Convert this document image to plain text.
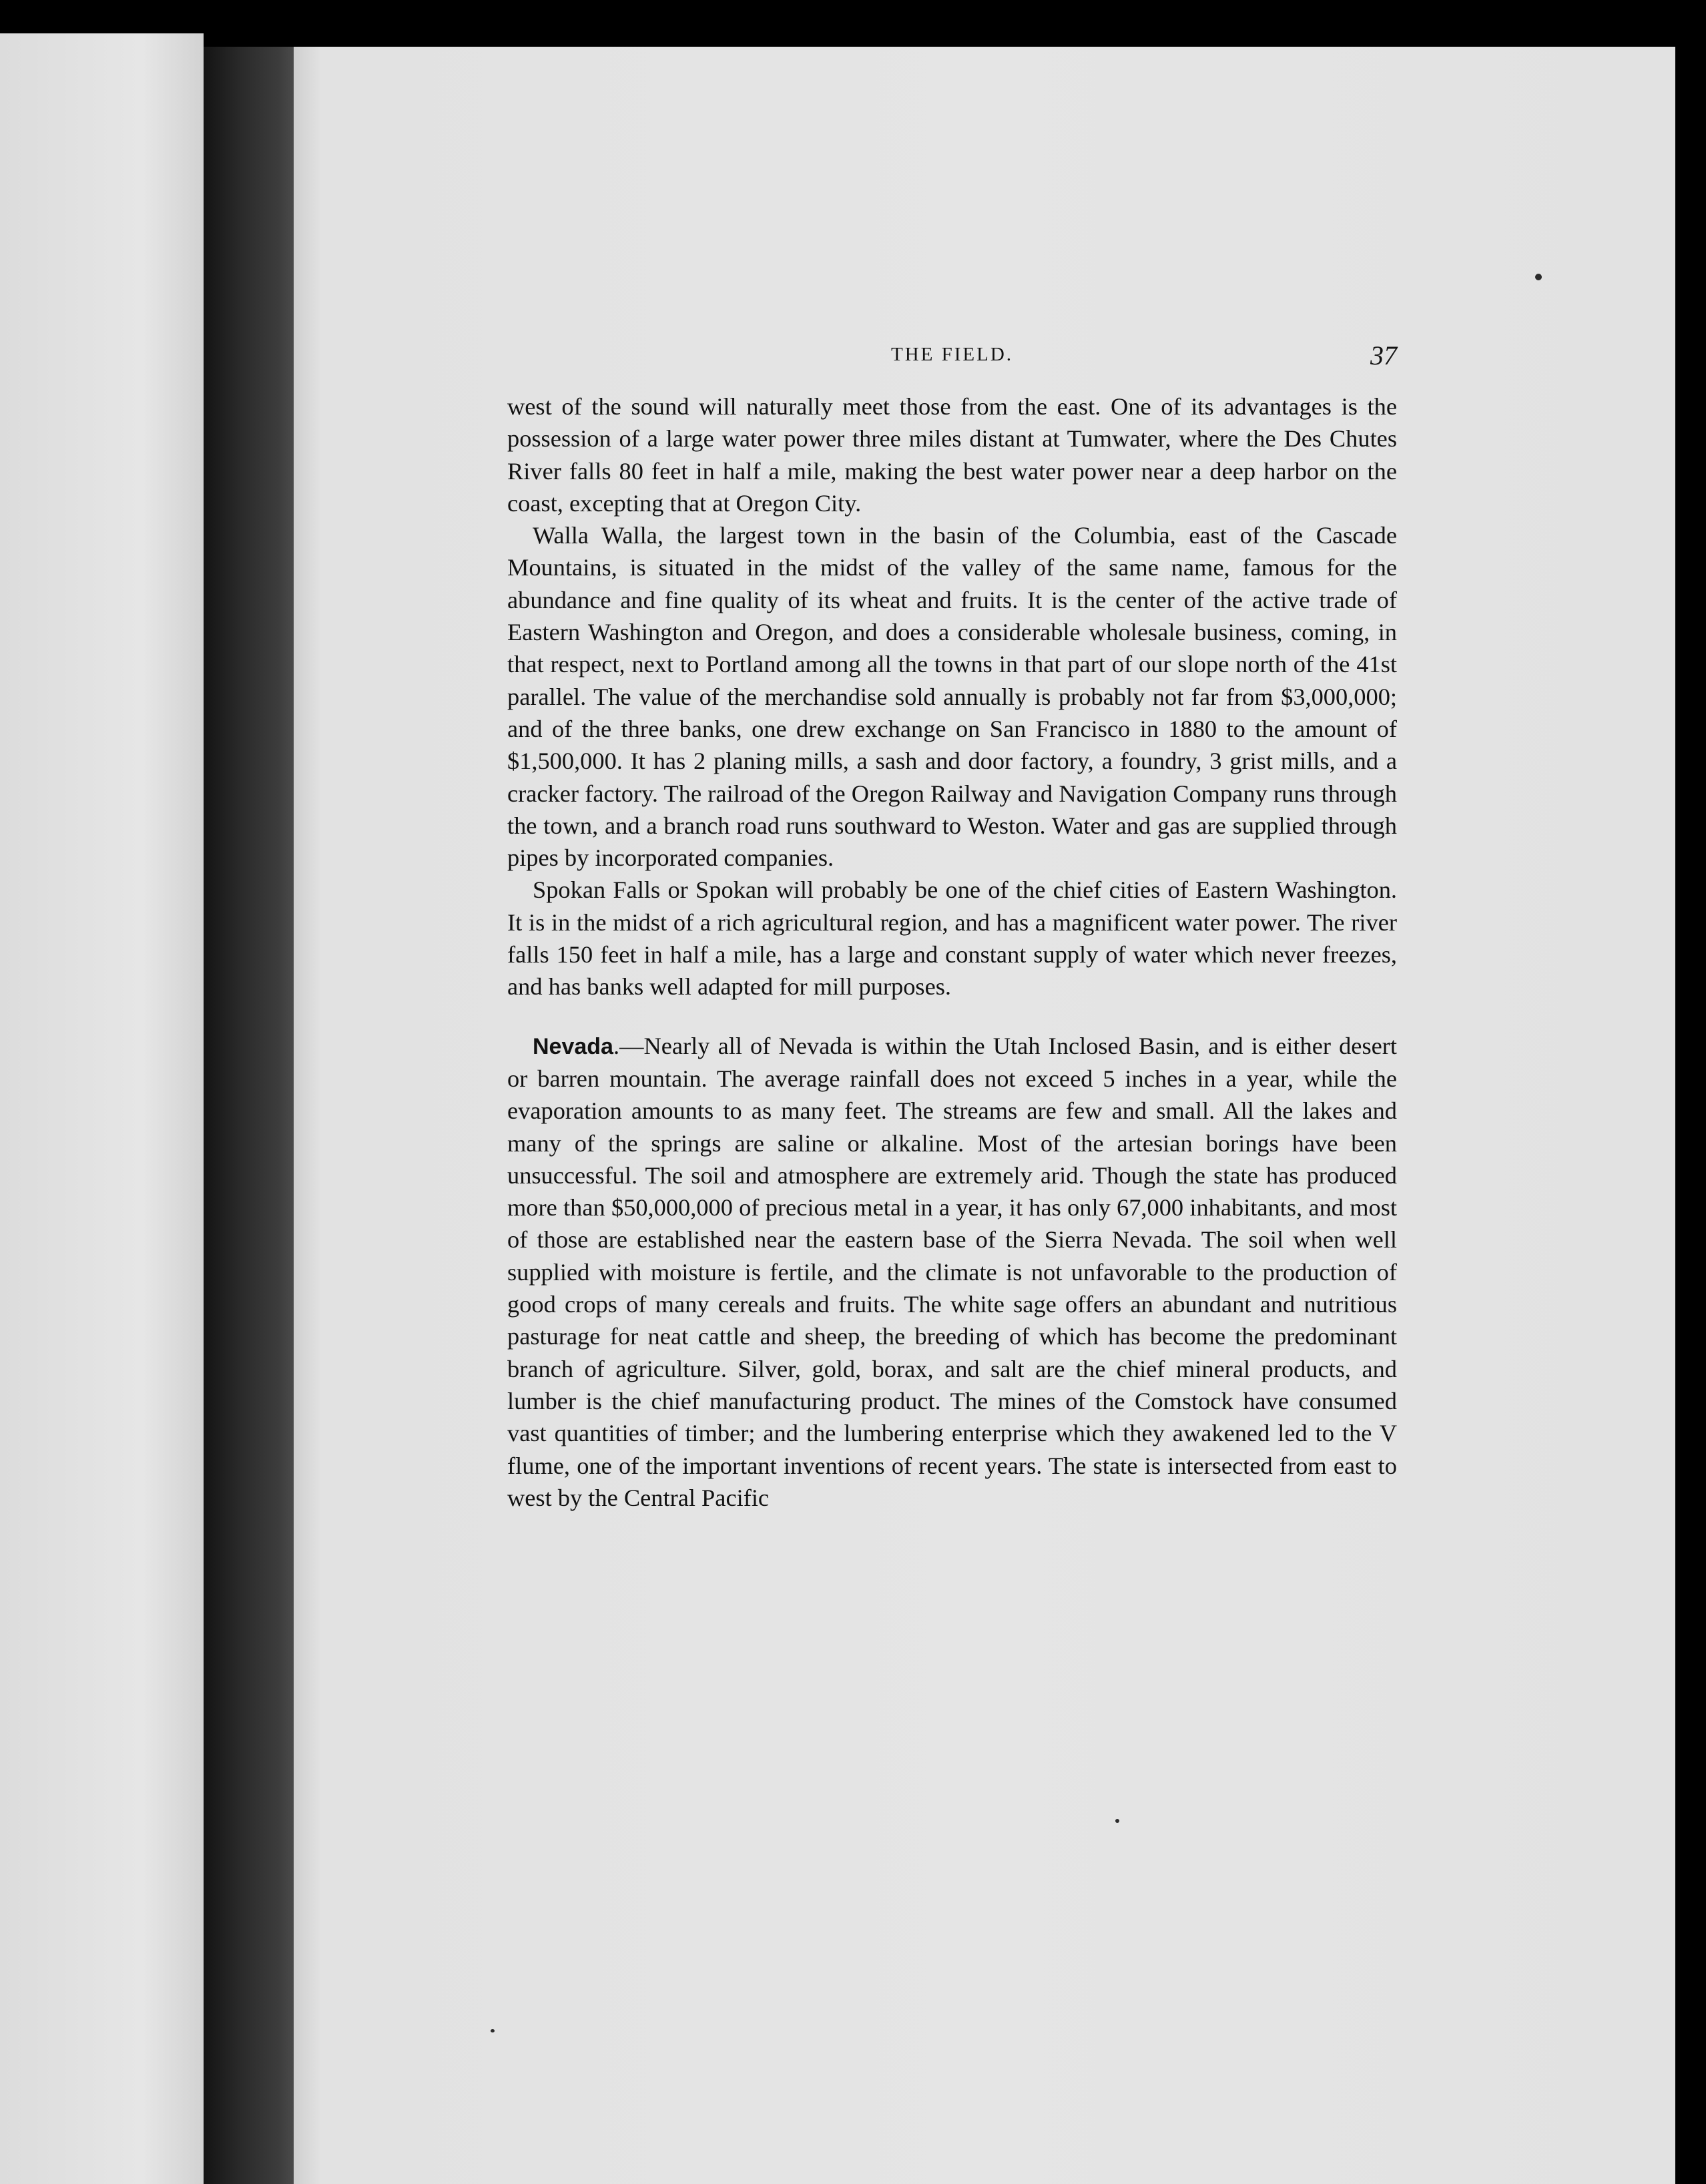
THE FIELD.	37

west of the sound will naturally meet those from the east. One of its advantages is the possession of a large water power three miles distant at Tumwater, where the Des Chutes River falls 80 feet in half a mile, making the best water power near a deep harbor on the coast, excepting that at Oregon City.

Walla Walla, the largest town in the basin of the Columbia, east of the Cascade Mountains, is situated in the midst of the valley of the same name, famous for the abundance and fine quality of its wheat and fruits. It is the center of the active trade of Eastern Washington and Oregon, and does a considerable wholesale business, coming, in that respect, next to Portland among all the towns in that part of our slope north of the 41st parallel. The value of the merchandise sold annually is probably not far from $3,000,000; and of the three banks, one drew exchange on San Francisco in 1880 to the amount of $1,500,000. It has 2 planing mills, a sash and door factory, a foundry, 3 grist mills, and a cracker factory. The railroad of the Oregon Railway and Navigation Company runs through the town, and a branch road runs southward to Weston. Water and gas are supplied through pipes by incorporated companies.

Spokan Falls or Spokan will probably be one of the chief cities of Eastern Washington. It is in the midst of a rich agricultural region, and has a magnificent water power. The river falls 150 feet in half a mile, has a large and constant supply of water which never freezes, and has banks well adapted for mill purposes.

Nevada.—Nearly all of Nevada is within the Utah Inclosed Basin, and is either desert or barren mountain. The average rainfall does not exceed 5 inches in a year, while the evaporation amounts to as many feet. The streams are few and small. All the lakes and many of the springs are saline or alkaline. Most of the artesian borings have been unsuccessful. The soil and atmosphere are extremely arid. Though the state has produced more than $50,000,000 of precious metal in a year, it has only 67,000 inhabitants, and most of those are established near the eastern base of the Sierra Nevada. The soil when well supplied with moisture is fertile, and the climate is not unfavorable to the production of good crops of many cereals and fruits. The white sage offers an abundant and nutritious pasturage for neat cattle and sheep, the breeding of which has become the predominant branch of agriculture. Silver, gold, borax, and salt are the chief mineral products, and lumber is the chief manufacturing product. The mines of the Comstock have consumed vast quantities of timber; and the lumbering enterprise which they awakened led to the V flume, one of the important inventions of recent years. The state is intersected from east to west by the Central Pacific
